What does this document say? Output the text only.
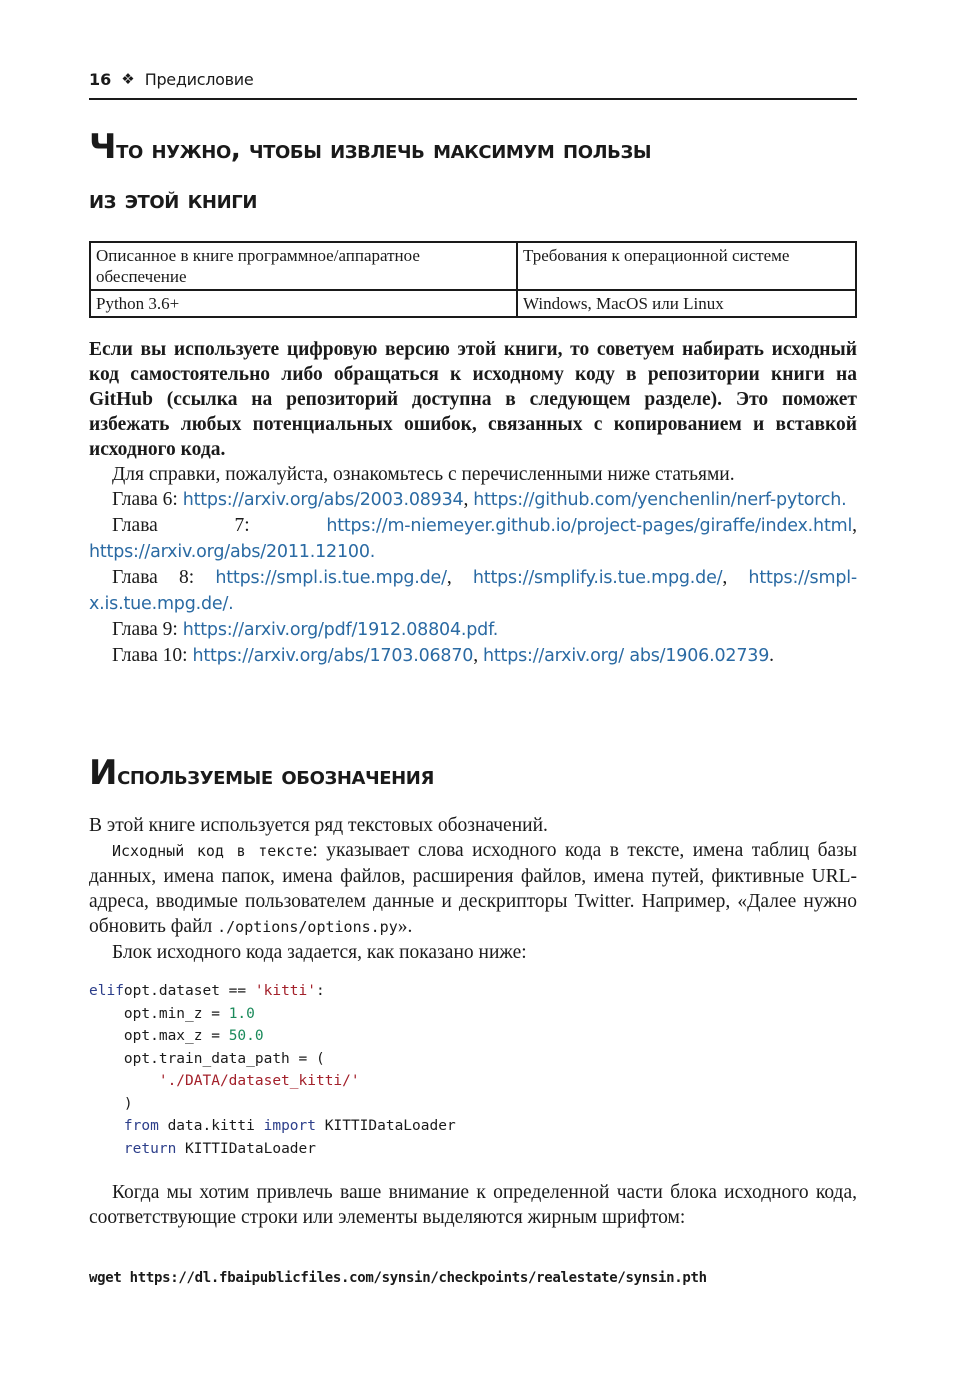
16 ❖ Предисловие
Что нужно, чтобы извлечь максимум пользы
из этой книги
Описанное в книге программное/аппаратное обеспечение	Требования к операционной системе
Python 3.6+	Windows, MacOS или Linux

Если вы используете цифровую версию этой книги, то советуем набирать исходный код самостоятельно либо обращаться к исходному коду в репозитории книги на GitHub (ссылка на репозиторий доступна в следующем разделе). Это поможет избежать любых потенциальных ошибок, связанных с копированием и вставкой исходного кода.

Для справки, пожалуйста, ознакомьтесь с перечисленными ниже статьями.

Глава 6: https://arxiv.org/abs/2003.08934, https://github.com/yenchenlin/nerf-pytorch.

Глава 7: https://m-niemeyer.github.io/project-pages/giraffe/index.html, https://arxiv.org/abs/2011.12100.

Глава 8: https://smpl.is.tue.mpg.de/, https://smplify.is.tue.mpg.de/, https://smpl-x.is.tue.mpg.de/.

Глава 9: https://arxiv.org/pdf/1912.08804.pdf.

Глава 10: https://arxiv.org/abs/1703.06870, https://arxiv.org/ abs/1906.02739.

Используемые обозначения

В этой книге используется ряд текстовых обозначений.

Исходный код в тексте: указывает слова исходного кода в тексте, имена таблиц базы данных, имена папок, имена файлов, расширения файлов, имена путей, фиктивные URL-адреса, вводимые пользователем данные и дескрипторы Twitter. Например, «Далее нужно обновить файл ./options/options.py».

Блок исходного кода задается, как показано ниже:

elifopt.dataset == 'kitti':
opt.min_z = 1.0
opt.max_z = 50.0
opt.train_data_path = (
'./DATA/dataset_kitti/'
)
from data.kitti import KITTIDataLoader
return KITTIDataLoader

Когда мы хотим привлечь ваше внимание к определенной части блока исходного кода, соответствующие строки или элементы выделяются жирным шрифтом:

wget https://dl.fbaipublicfiles.com/synsin/checkpoints/realestate/synsin.pth
